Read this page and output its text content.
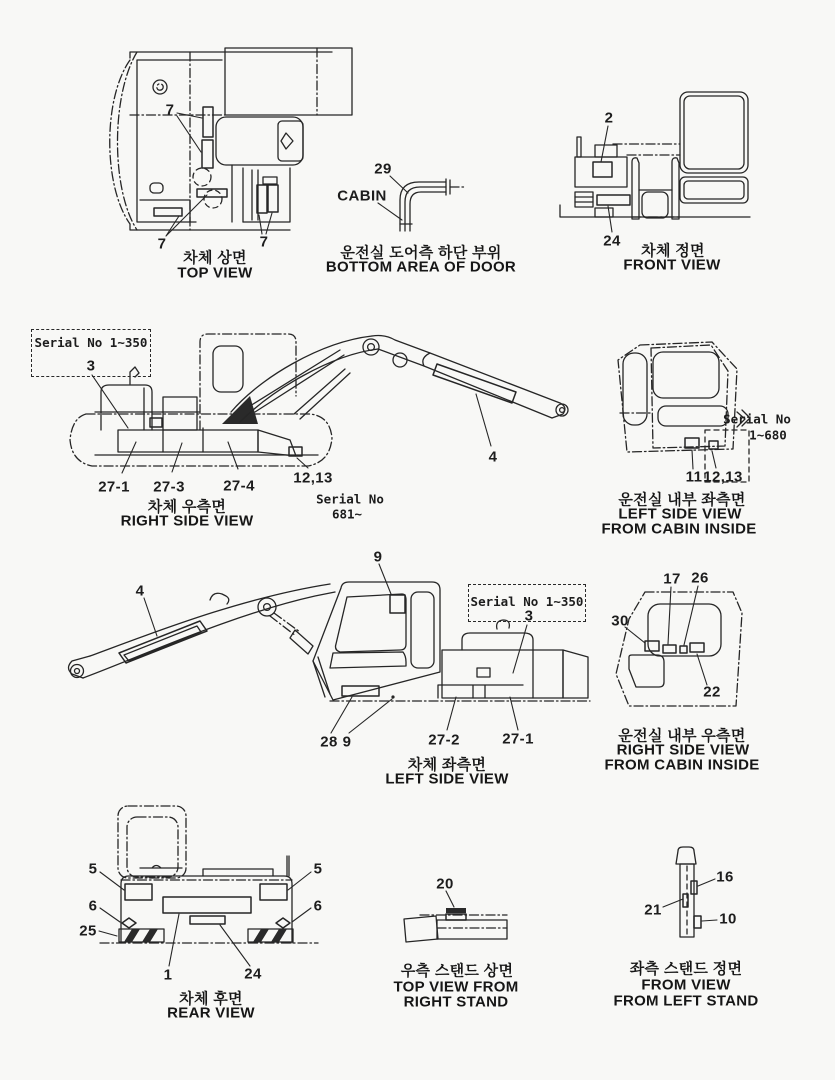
7
7	7
차체 상면
TOP VIEW
29
CABIN
운전실 도어측 하단 부위
BOTTOM AREA OF DOOR
2
24
차체 정면
FRONT VIEW
Serial No 1~350
3
27-1 27-3	27-4	12,13
4
Serial No
681~
차체 우측면
RIGHT SIDE VIEW
11 12,13
Serial No
1~680
운전실 내부 좌측면
LEFT SIDE VIEW
FROM CABIN INSIDE
4
9
Serial No 1~350
3
28 9	27-2	27-1
차체 좌측면
LEFT SIDE VIEW
30
17 26
22
운전실 내부 우측면
RIGHT SIDE VIEW
FROM CABIN INSIDE
5	5
6	6
25
1	24
차체 후면
REAR VIEW
20
우측 스탠드 상면
TOP VIEW FROM
RIGHT STAND
16
21
10
좌측 스탠드 정면
FROM VIEW
FROM LEFT STAND
